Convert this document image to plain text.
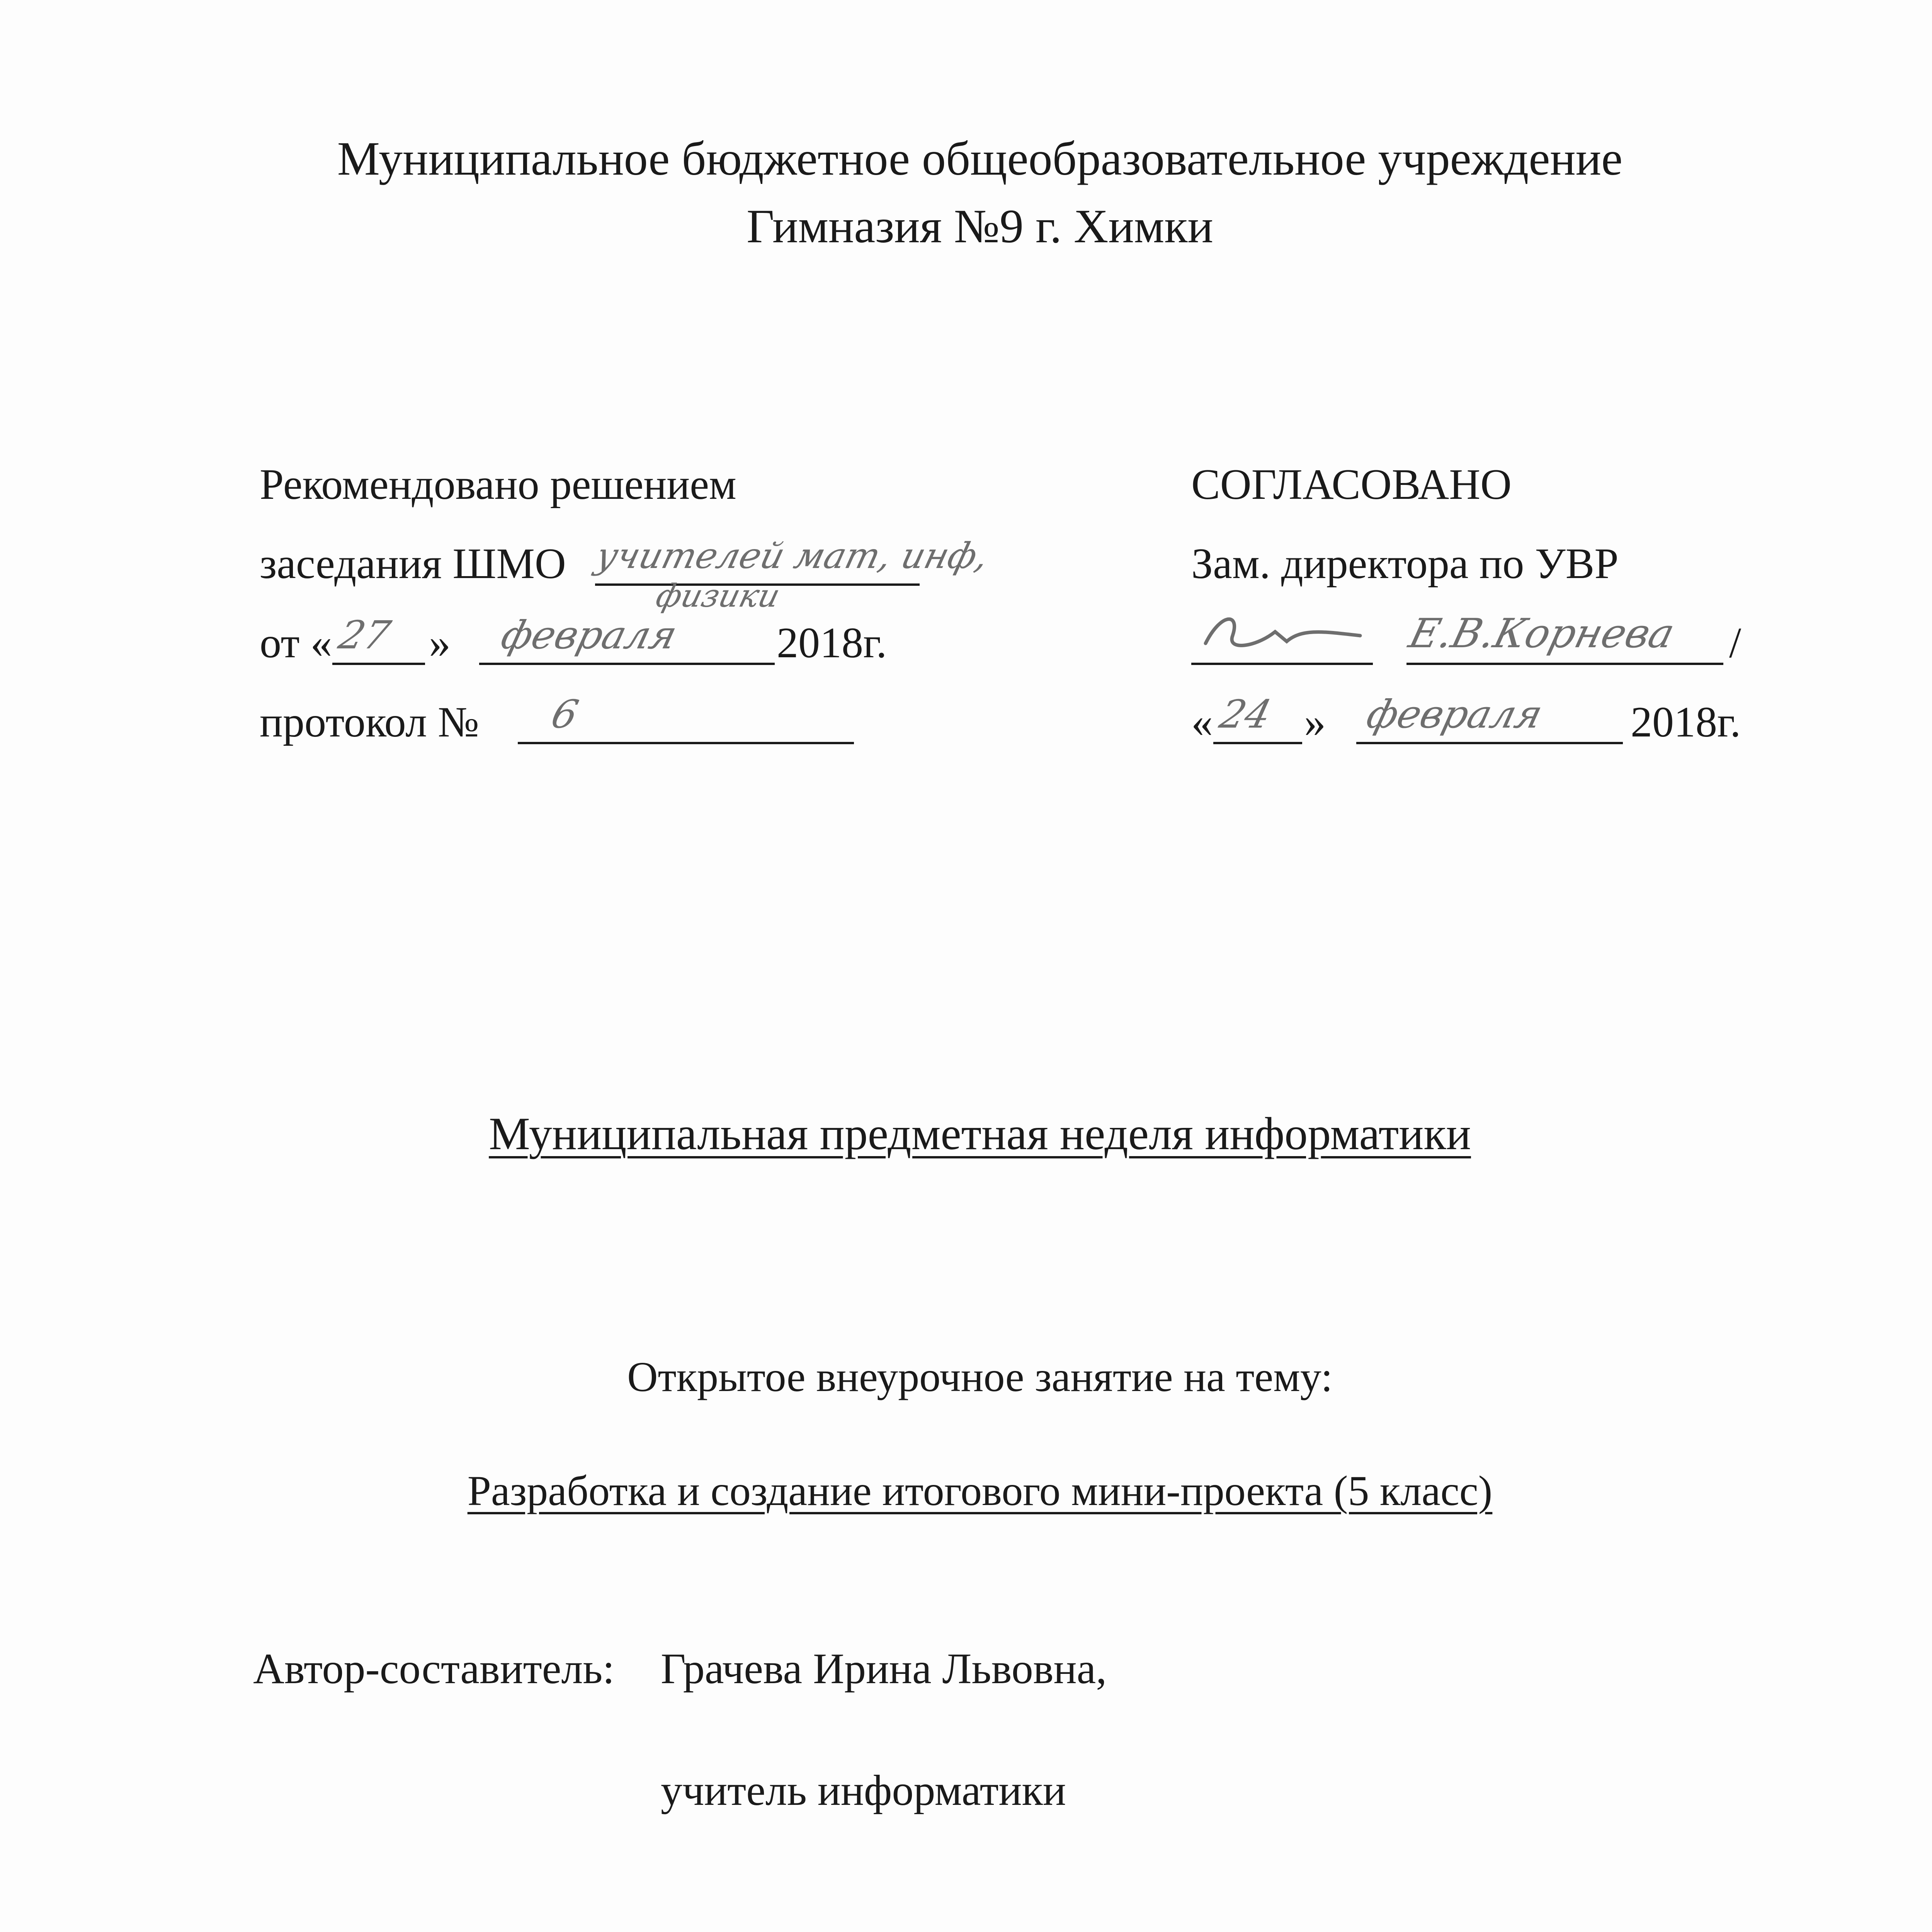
Муниципальное бюджетное общеобразовательное учреждение
Гимназия №9 г. Химки
Рекомендовано решением
заседания ШМО учителей мат, инф,
физики
от « 27 » февраля 2018г.
протокол № 6
СОГЛАСОВАНО
Зам. директора по УВР
Е.В.Корнева /
« 24 » февраля 2018г.
Муниципальная предметная неделя информатики
Открытое внеурочное занятие на тему:
Разработка и создание итогового мини-проекта (5 класс)
Автор-составитель: Грачева Ирина Львовна,
учитель информатики
